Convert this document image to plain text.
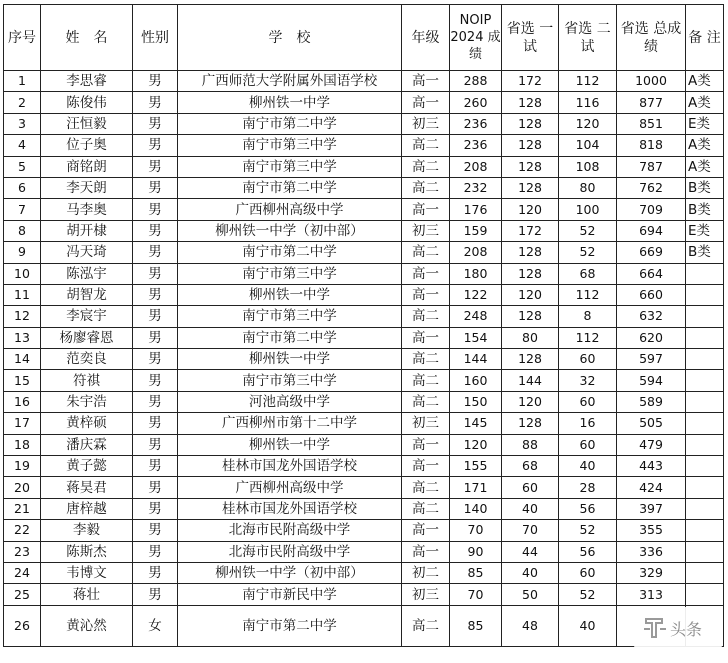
序号	姓　名	性别	学　校	年级	NOIP 2024 成绩	省选 一试	省选 二试	省选 总成绩	备 注
1	李思睿	男	广西师范大学附属外国语学校	高一	288	172	112	1000	A类
2	陈俊伟	男	柳州铁一中学	高一	260	128	116	877	A类
3	汪恒毅	男	南宁市第二中学	初三	236	128	120	851	E类
4	位子奥	男	南宁市第三中学	高二	236	128	104	818	A类
5	商铭朗	男	南宁市第三中学	高二	208	128	108	787	A类
6	李天朗	男	南宁市第二中学	高二	232	128	80	762	B类
7	马李奥	男	广西柳州高级中学	高一	176	120	100	709	B类
8	胡开棣	男	柳州铁一中学（初中部）	初三	159	172	52	694	E类
9	冯天琦	男	南宁市第二中学	高二	208	128	52	669	B类
10	陈泓宇	男	南宁市第三中学	高一	180	128	68	664	
11	胡智龙	男	柳州铁一中学	高一	122	120	112	660	
12	李宸宇	男	南宁市第三中学	高二	248	128	8	632	
13	杨廖睿恩	男	南宁市第二中学	高一	154	80	112	620	
14	范奕良	男	柳州铁一中学	高二	144	128	60	597	
15	符祺	男	南宁市第三中学	高二	160	144	32	594	
16	朱宇浩	男	河池高级中学	高二	150	120	60	589	
17	黄梓硕	男	广西柳州市第十二中学	初三	145	128	16	505	
18	潘庆霖	男	柳州铁一中学	高一	120	88	60	479	
19	黄子懿	男	桂林市国龙外国语学校	高一	155	68	40	443	
20	蒋昊君	男	广西柳州高级中学	高二	171	60	28	424	
21	唐梓越	男	桂林市国龙外国语学校	高二	140	40	56	397	
22	李毅	男	北海市民附高级中学	高一	70	70	52	355	
23	陈斯杰	男	北海市民附高级中学	高一	90	44	56	336	
24	韦博文	男	柳州铁一中学（初中部）	初二	85	40	60	329	
25	蒋壮	男	南宁市新民中学	初三	70	50	52	313	
26	黄沁然	女	南宁市第二中学	高二	85	48	40			头条
